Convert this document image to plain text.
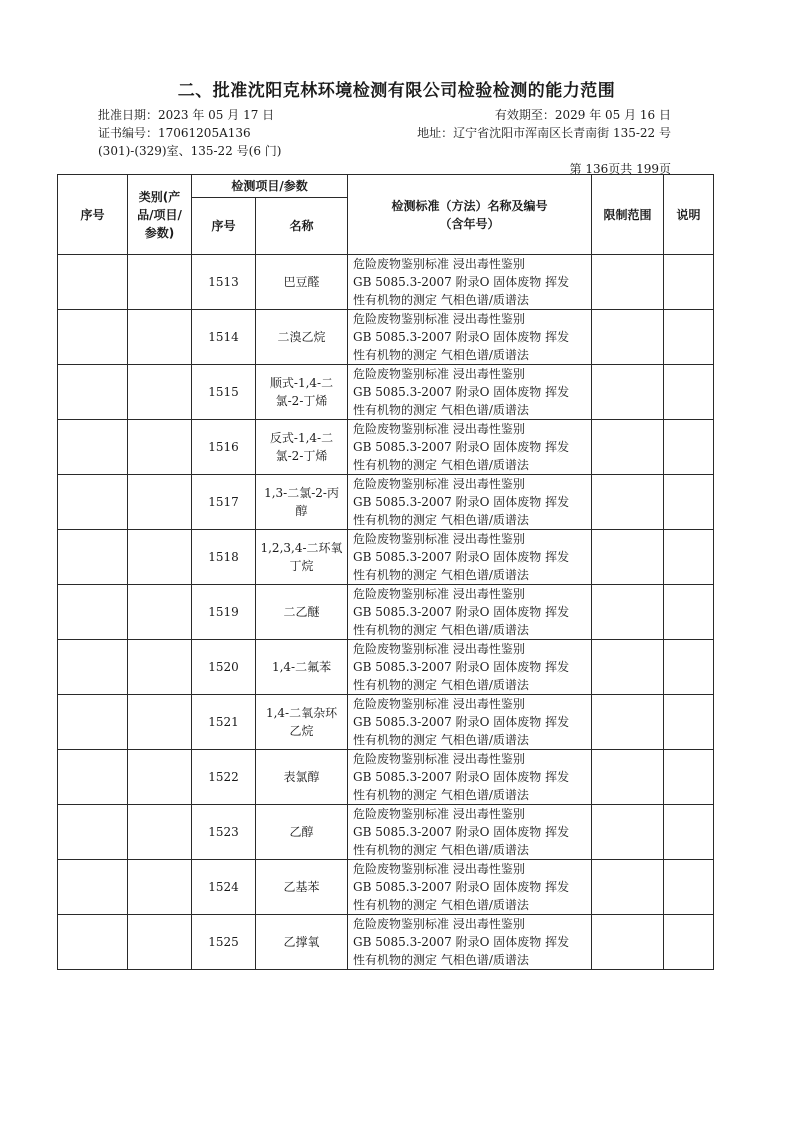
二、批准沈阳克林环境检测有限公司检验检测的能力范围
批准日期：2023 年 05 月 17 日	有效期至：2029 年 05 月 16 日
证书编号：17061205A136	地址：辽宁省沈阳市浑南区长青南街 135-22 号
(301)-(329)室、135-22 号(6 门)
第 136页共 199页
序号	类别(产品/项目/参数)	检测项目/参数		检测标准（方法）名称及编号（含年号）	限制范围	说明
		序号	名称			
		1513	巴豆醛	危险废物鉴别标准 浸出毒性鉴别
GB 5085.3-2007 附录O 固体废物 挥发
性有机物的测定 气相色谱/质谱法		

		1514	二溴乙烷	危险废物鉴别标准 浸出毒性鉴别
GB 5085.3-2007 附录O 固体废物 挥发
性有机物的测定 气相色谱/质谱法		

		1515	顺式-1,4-二氯-2-丁烯	危险废物鉴别标准 浸出毒性鉴别
GB 5085.3-2007 附录O 固体废物 挥发
性有机物的测定 气相色谱/质谱法		

		1516	反式-1,4-二氯-2-丁烯	危险废物鉴别标准 浸出毒性鉴别
GB 5085.3-2007 附录O 固体废物 挥发
性有机物的测定 气相色谱/质谱法		

		1517	1,3-二氯-2-丙醇	危险废物鉴别标准 浸出毒性鉴别
GB 5085.3-2007 附录O 固体废物 挥发
性有机物的测定 气相色谱/质谱法		

		1518	1,2,3,4-二环氧丁烷	危险废物鉴别标准 浸出毒性鉴别
GB 5085.3-2007 附录O 固体废物 挥发
性有机物的测定 气相色谱/质谱法		

		1519	二乙醚	危险废物鉴别标准 浸出毒性鉴别
GB 5085.3-2007 附录O 固体废物 挥发
性有机物的测定 气相色谱/质谱法		

		1520	1,4-二氟苯	危险废物鉴别标准 浸出毒性鉴别
GB 5085.3-2007 附录O 固体废物 挥发
性有机物的测定 气相色谱/质谱法		

		1521	1,4-二氧杂环乙烷	危险废物鉴别标准 浸出毒性鉴别
GB 5085.3-2007 附录O 固体废物 挥发
性有机物的测定 气相色谱/质谱法		

		1522	表氯醇	危险废物鉴别标准 浸出毒性鉴别
GB 5085.3-2007 附录O 固体废物 挥发
性有机物的测定 气相色谱/质谱法		

		1523	乙醇	危险废物鉴别标准 浸出毒性鉴别
GB 5085.3-2007 附录O 固体废物 挥发
性有机物的测定 气相色谱/质谱法		

		1524	乙基苯	危险废物鉴别标准 浸出毒性鉴别
GB 5085.3-2007 附录O 固体废物 挥发
性有机物的测定 气相色谱/质谱法		

		1525	乙撑氧	危险废物鉴别标准 浸出毒性鉴别
GB 5085.3-2007 附录O 固体废物 挥发
性有机物的测定 气相色谱/质谱法		
